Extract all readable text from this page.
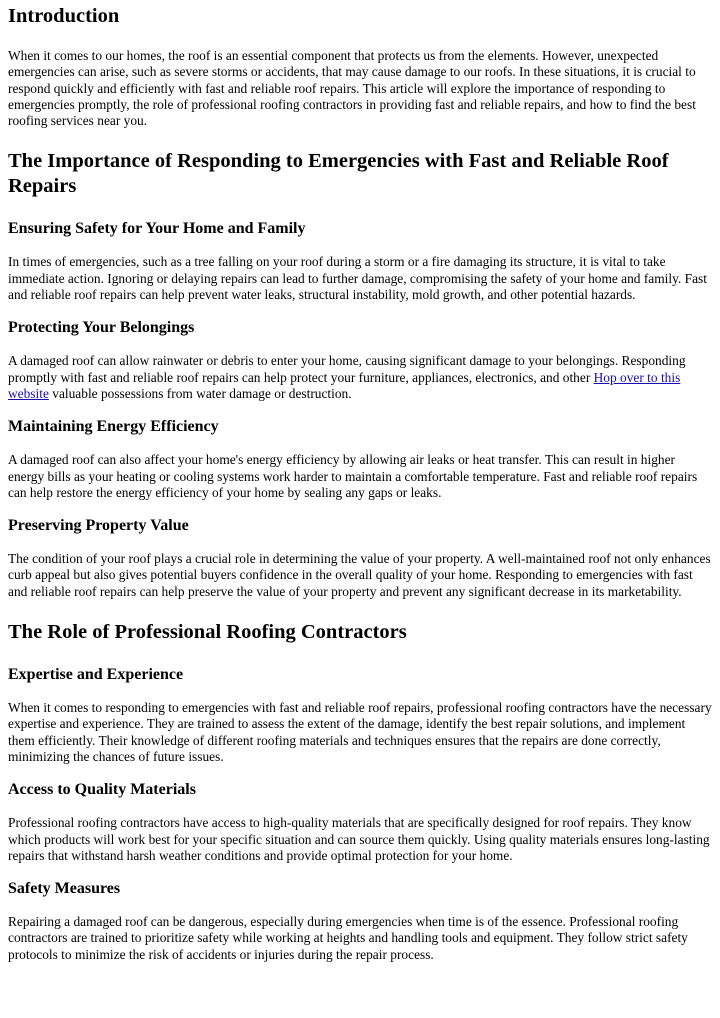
Introduction

When it comes to our homes, the roof is an essential component that protects us from the elements. However, unexpected emergencies can arise, such as severe storms or accidents, that may cause damage to our roofs. In these situations, it is crucial to respond quickly and efficiently with fast and reliable roof repairs. This article will explore the importance of responding to emergencies promptly, the role of professional roofing contractors in providing fast and reliable repairs, and how to find the best roofing services near you.

The Importance of Responding to Emergencies with Fast and Reliable Roof Repairs
Ensuring Safety for Your Home and Family

In times of emergencies, such as a tree falling on your roof during a storm or a fire damaging its structure, it is vital to take immediate action. Ignoring or delaying repairs can lead to further damage, compromising the safety of your home and family. Fast and reliable roof repairs can help prevent water leaks, structural instability, mold growth, and other potential hazards.

Protecting Your Belongings

A damaged roof can allow rainwater or debris to enter your home, causing significant damage to your belongings. Responding promptly with fast and reliable roof repairs can help protect your furniture, appliances, electronics, and other Hop over to this website valuable possessions from water damage or destruction.

Maintaining Energy Efficiency

A damaged roof can also affect your home's energy efficiency by allowing air leaks or heat transfer. This can result in higher energy bills as your heating or cooling systems work harder to maintain a comfortable temperature. Fast and reliable roof repairs can help restore the energy efficiency of your home by sealing any gaps or leaks.

Preserving Property Value

The condition of your roof plays a crucial role in determining the value of your property. A well-maintained roof not only enhances curb appeal but also gives potential buyers confidence in the overall quality of your home. Responding to emergencies with fast and reliable roof repairs can help preserve the value of your property and prevent any significant decrease in its marketability.

The Role of Professional Roofing Contractors
Expertise and Experience

When it comes to responding to emergencies with fast and reliable roof repairs, professional roofing contractors have the necessary expertise and experience. They are trained to assess the extent of the damage, identify the best repair solutions, and implement them efficiently. Their knowledge of different roofing materials and techniques ensures that the repairs are done correctly, minimizing the chances of future issues.

Access to Quality Materials

Professional roofing contractors have access to high-quality materials that are specifically designed for roof repairs. They know which products will work best for your specific situation and can source them quickly. Using quality materials ensures long-lasting repairs that withstand harsh weather conditions and provide optimal protection for your home.

Safety Measures

Repairing a damaged roof can be dangerous, especially during emergencies when time is of the essence. Professional roofing contractors are trained to prioritize safety while working at heights and handling tools and equipment. They follow strict safety protocols to minimize the risk of accidents or injuries during the repair process.
